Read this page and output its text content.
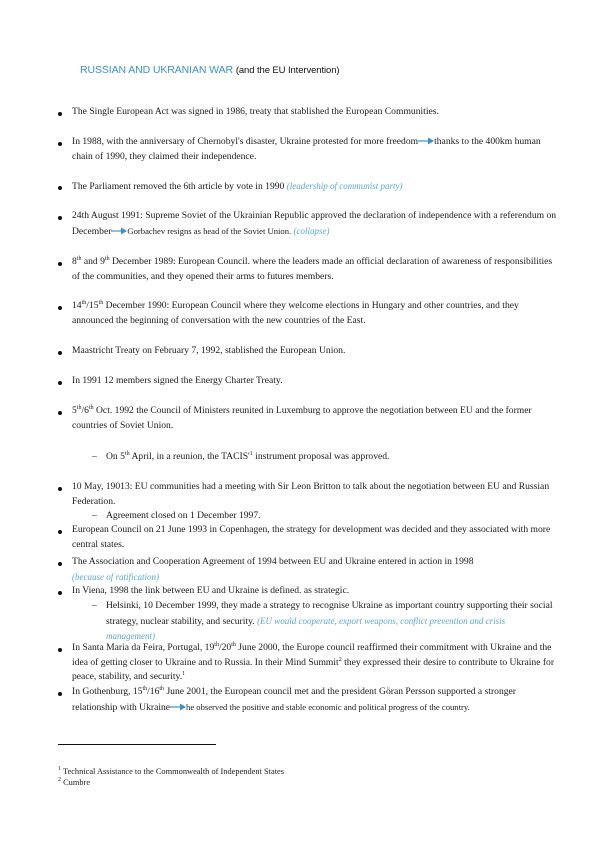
RUSSIAN AND UKRANIAN WAR (and the EU Intervention)
The Single European Act was signed in 1986, treaty that stablished the European Communities.
In 1988, with the anniversary of Chernobyl's disaster, Ukraine protested for more freedom thanks to the 400km human chain of 1990, they claimed their independence.
The Parliament removed the 6th article by vote in 1990 (leadership of communist party)
24th August 1991: Supreme Soviet of the Ukrainian Republic approved the declaration of independence with a referendum on December Gorbachev resigns as head of the Soviet Union. (collapse)
8th and 9th December 1989: European Council. where the leaders made an official declaration of awareness of responsibilities of the communities, and they opened their arms to futures members.
14th/15th December 1990: European Council where they welcome elections in Hungary and other countries, and they announced the beginning of conversation with the new countries of the East.
Maastricht Treaty on February 7, 1992, stablished the European Union.
In 1991 12 members signed the Energy Charter Treaty.
5th/6th Oct. 1992 the Council of Ministers reunited in Luxemburg to approve the negotiation between EU and the former countries of Soviet Union.
– On 5th April, in a reunion, the $TACIS'^1$ instrument proposal was approved.
10 May, 19013: EU communities had a meeting with Sir Leon Britton to talk about the negotiation between EU and Russian Federation.
– Agreement closed on 1 December 1997.
European Council on 21 June 1993 in Copenhagen, the strategy for development was decided and they associated with more central states.
The Association and Cooperation Agreement of 1994 between EU and Ukraine entered in action in 1998
(because of ratification)
In Viena, 1998 the link between EU and Ukraine is defined. as strategic.
– Helsinki, 10 December 1999, they made a strategy to recognise Ukraine as important country supporting their social strategy, nuclear stability, and security. (EU would cooperate, export weapons, conflict prevention and crisis management)
In Santa Maria da Feira, Portugal, 19th/20th June 2000, the Europe council reaffirmed their commitment with Ukraine and the idea of getting closer to Ukraine and to Russia. In their Mind Summit$^2$ they expressed their desire to contribute to Ukraine for peace, stability, and security.$^1$
In Gothenburg, 15th/16th June 2001, the European council met and the president Göran Persson supported a stronger relationship with Ukraine he observed the positive and stable economic and political progress of the country.
$^1$ Technical Assistance to the Commonwealth of Independent States
$^2$ Cumbre
